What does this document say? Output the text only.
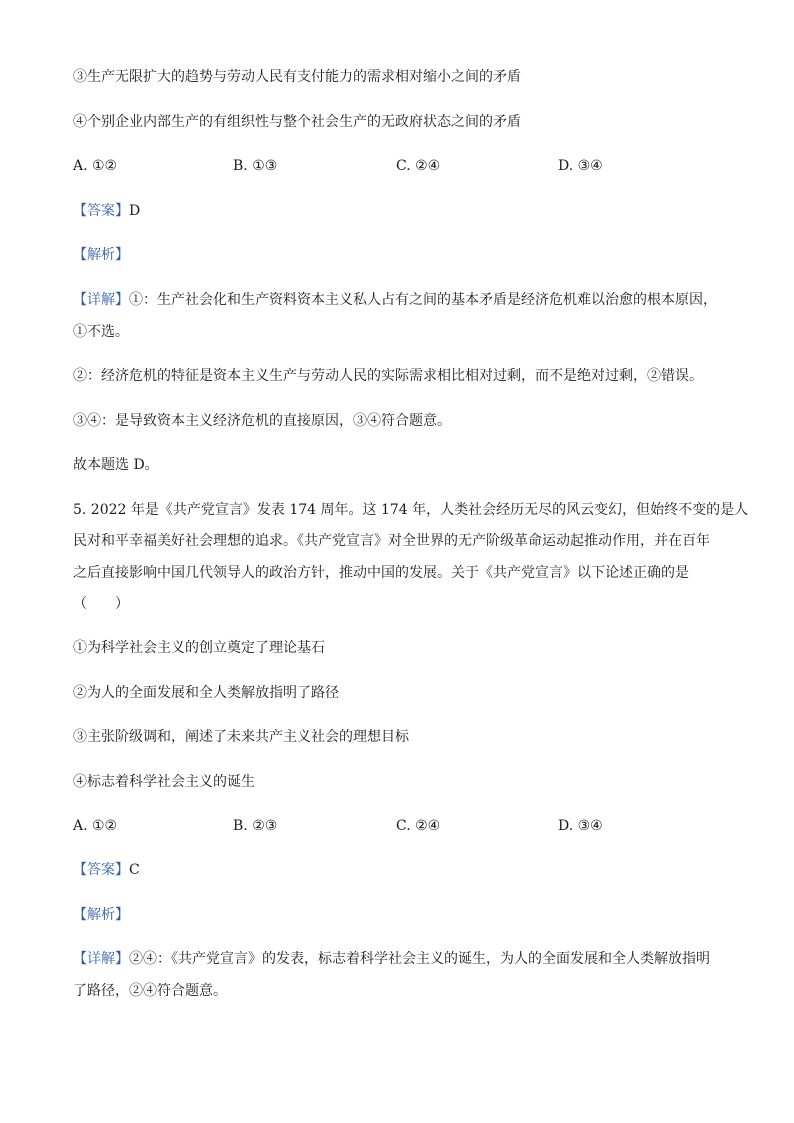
③生产无限扩大的趋势与劳动人民有支付能力的需求相对缩小之间的矛盾
④个别企业内部生产的有组织性与整个社会生产的无政府状态之间的矛盾
A. ①②	B. ①③	C. ②④	D. ③④
【答案】D
【解析】
【详解】①：生产社会化和生产资料资本主义私人占有之间的基本矛盾是经济危机难以治愈的根本原因，
①不选。
②：经济危机的特征是资本主义生产与劳动人民的实际需求相比相对过剩，而不是绝对过剩，②错误。
③④：是导致资本主义经济危机的直接原因，③④符合题意。
故本题选 D。
5. 2022 年是《共产党宣言》发表 174 周年。这 174 年，人类社会经历无尽的风云变幻，但始终不变的是人
民对和平幸福美好社会理想的追求。《共产党宣言》对全世界的无产阶级革命运动起推动作用，并在百年
之后直接影响中国几代领导人的政治方针，推动中国的发展。关于《共产党宣言》以下论述正确的是
（　　）
①为科学社会主义的创立奠定了理论基石
②为人的全面发展和全人类解放指明了路径
③主张阶级调和，阐述了未来共产主义社会的理想目标
④标志着科学社会主义的诞生
A. ①②	B. ②③	C. ②④	D. ③④
【答案】C
【解析】
【详解】②④：《共产党宣言》的发表，标志着科学社会主义的诞生，为人的全面发展和全人类解放指明
了路径，②④符合题意。
